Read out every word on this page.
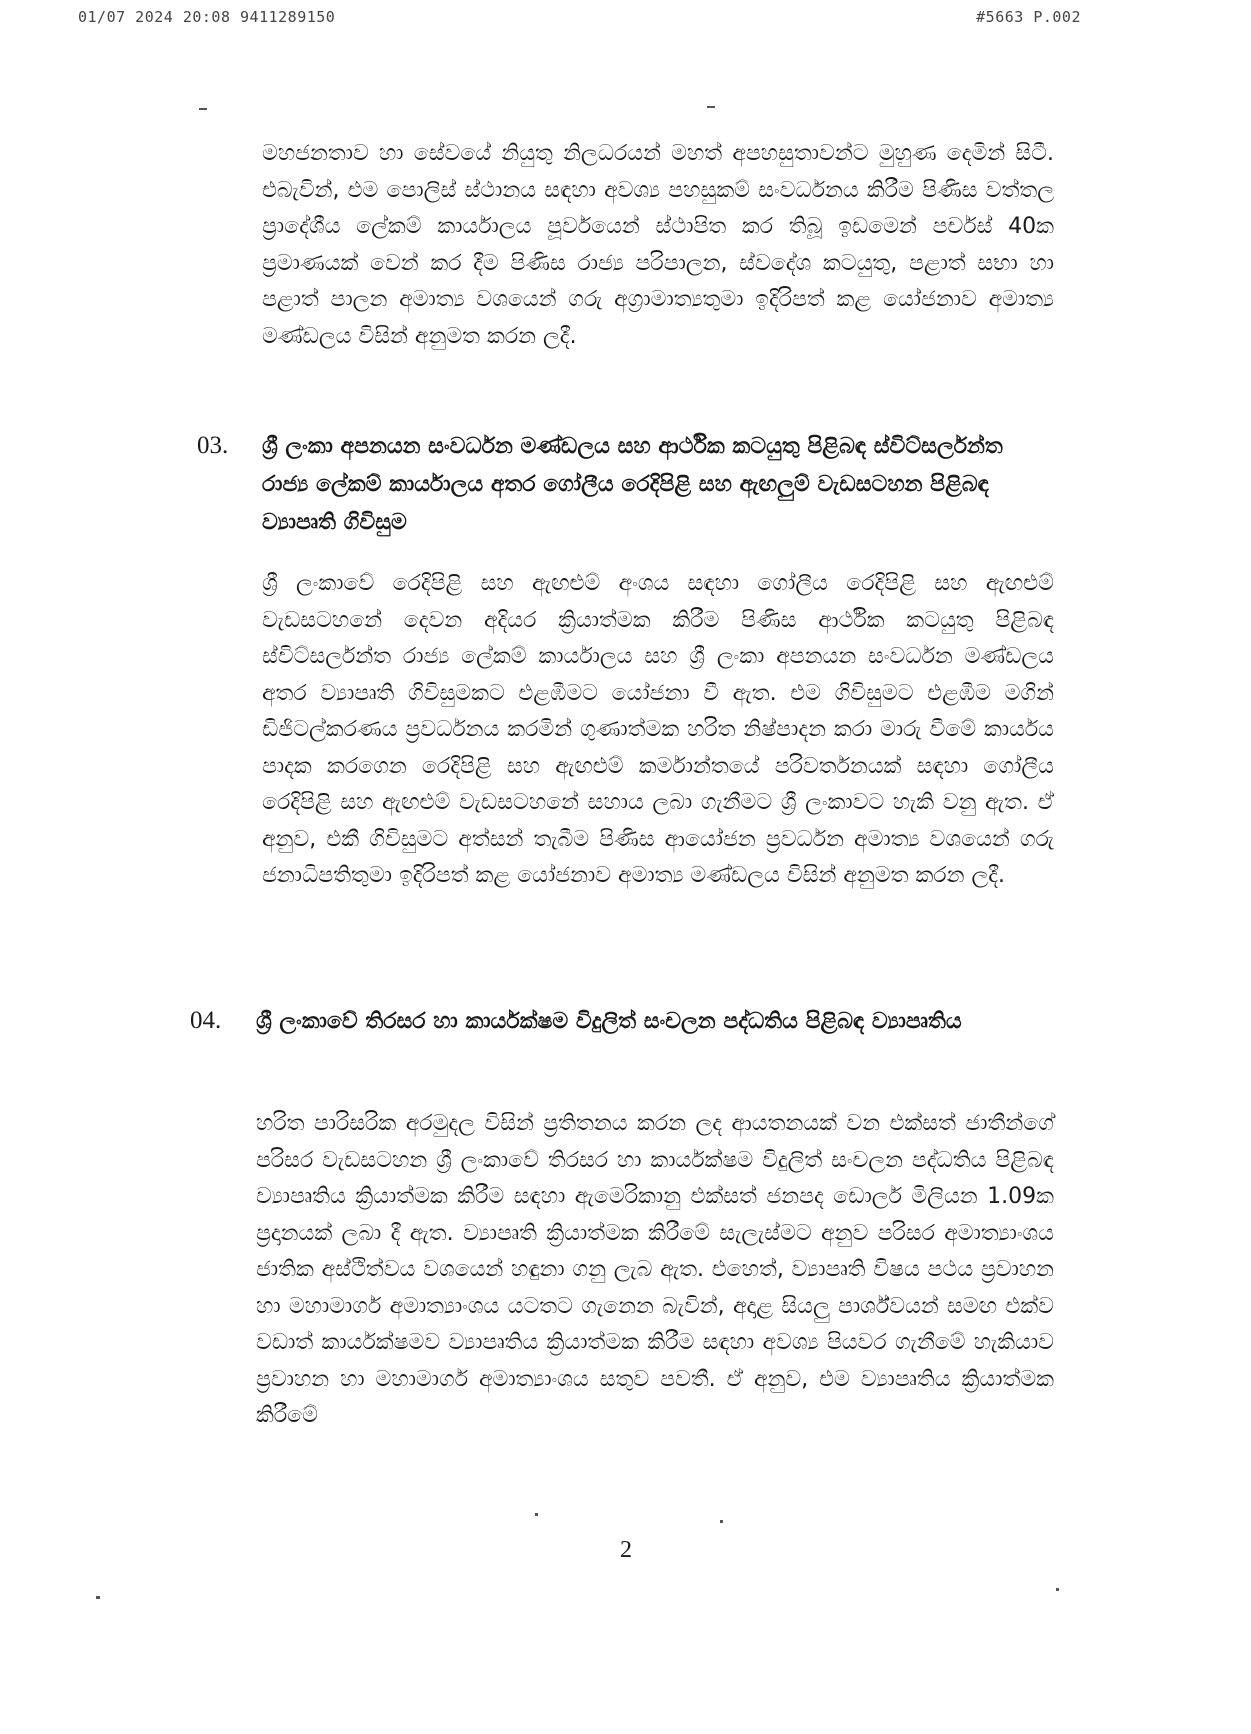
01/07 2024 20:08 9411289150	#5663 P.002

මහජනතාව හා සේවයේ නියුතු නිලධරයන් මහත් අපහසුතාවන්ට මුහුණ දෙමින් සිටී. එබැවින්, එම පොලිස් ස්ථානය සඳහා අවශ්‍ය පහසුකම් සංවර්ධනය කිරීම පිණිස වත්තල ප්‍රාදේශීය ලේකම් කාර්යාලය පූර්වයෙන් ස්ථාපිත කර තිබූ ඉඩමෙන් පර්චස් 40ක ප්‍රමාණයක් වෙන් කර දීම පිණිස රාජ්‍ය පරිපාලන, ස්වදේශ කටයුතු, පළාත් සභා හා පළාත් පාලන අමාත්‍ය වශයෙන් ගරු අග්‍රාමාත්‍යතුමා ඉදිරිපත් කළ යෝජනාව අමාත්‍ය මණ්ඩලය විසින් අනුමත කරන ලදී.

03. ශ්‍රී ලංකා අපනයන සංවර්ධන මණ්ඩලය සහ ආර්ථික කටයුතු පිළිබඳ ස්විට්සර්ලන්ත රාජ්‍ය ලේකම් කාර්යාලය අතර ගෝලීය රෙදිපිළි සහ ඇඟලුම් වැඩසටහන පිළිබඳ ව්‍යාපෘති ගිවිසුම

ශ්‍රී ලංකාවේ රෙදිපිළි සහ ඇඟළුම් අංශය සඳහා ගෝලීය රෙදිපිළි සහ ඇඟළුම් වැඩසටහනේ දෙවන අදියර ක්‍රියාත්මක කිරීම පිණිස ආර්ථික කටයුතු පිළිබඳ ස්විට්සර්ලන්ත රාජ්‍ය ලේකම් කාර්යාලය සහ ශ්‍රී ලංකා අපනයන සංවර්ධන මණ්ඩලය අතර ව්‍යාපෘති ගිවිසුමකට එළඹීමට යෝජනා වී ඇත. එම ගිවිසුමට එළඹීම මගින් ඩිජිටල්කරණය ප්‍රවර්ධනය කරමින් ගුණාත්මක හරිත නිෂ්පාදන කරා මාරු වීමේ කාර්යය පාදක කරගෙන රෙදිපිළි සහ ඇඟළුම් කර්මාන්තයේ පරිවර්තනයක් සඳහා ගෝලීය රෙදිපිළි සහ ඇඟළුම් වැඩසටහනේ සහාය ලබා ගැනීමට ශ්‍රී ලංකාවට හැකි වනු ඇත. ඒ අනුව, එකී ගිවිසුමට අත්සන් තැබීම පිණිස ආයෝජන ප්‍රවර්ධන අමාත්‍ය වශයෙන් ගරු ජනාධිපතිතුමා ඉදිරිපත් කළ යෝජනාව අමාත්‍ය මණ්ඩලය විසින් අනුමත කරන ලදී.

04. ශ්‍රී ලංකාවේ තිරසර හා කාර්යක්ෂම විදුලිත් සංචලන පද්ධතිය පිළිබඳ ව්‍යාපෘතිය

හරිත පාරිසරික අරමුදල විසින් ප්‍රතිතනය කරන ලද ආයතනයක් වන එක්සත් ජාතීන්ගේ පරිසර වැඩසටහන ශ්‍රී ලංකාවේ තිරසර හා කාර්යක්ෂම විදුලිත් සංචලන පද්ධතිය පිළිබඳ ව්‍යාපෘතිය ක්‍රියාත්මක කිරීම සඳහා ඇමෙරිකානු එක්සත් ජනපද ඩොලර් මිලියන 1.09ක ප්‍රදානයක් ලබා දී ඇත. ව්‍යාපෘති ක්‍රියාත්මක කිරීමේ සැලැස්මට අනුව පරිසර අමාත්‍යාංශය ජාතික අස්ථිත්වය වශයෙන් හඳුනා ගනු ලැබ ඇත. එහෙත්, ව්‍යාපෘති විෂය පථය ප්‍රවාහන හා මහාමාර්ග අමාත්‍යාංශය යටතට ගැනෙන බැවින්, අදාළ සියලු පාර්ශ්වයන් සමඟ එක්ව වඩාත් කාර්යක්ෂමව ව්‍යාපෘතිය ක්‍රියාත්මක කිරීම සඳහා අවශ්‍ය පියවර ගැනීමේ හැකියාව ප්‍රවාහන හා මහාමාර්ග අමාත්‍යාංශය සතුව පවතී. ඒ අනුව, එම ව්‍යාපෘතිය ක්‍රියාත්මක කිරීමේ

2
